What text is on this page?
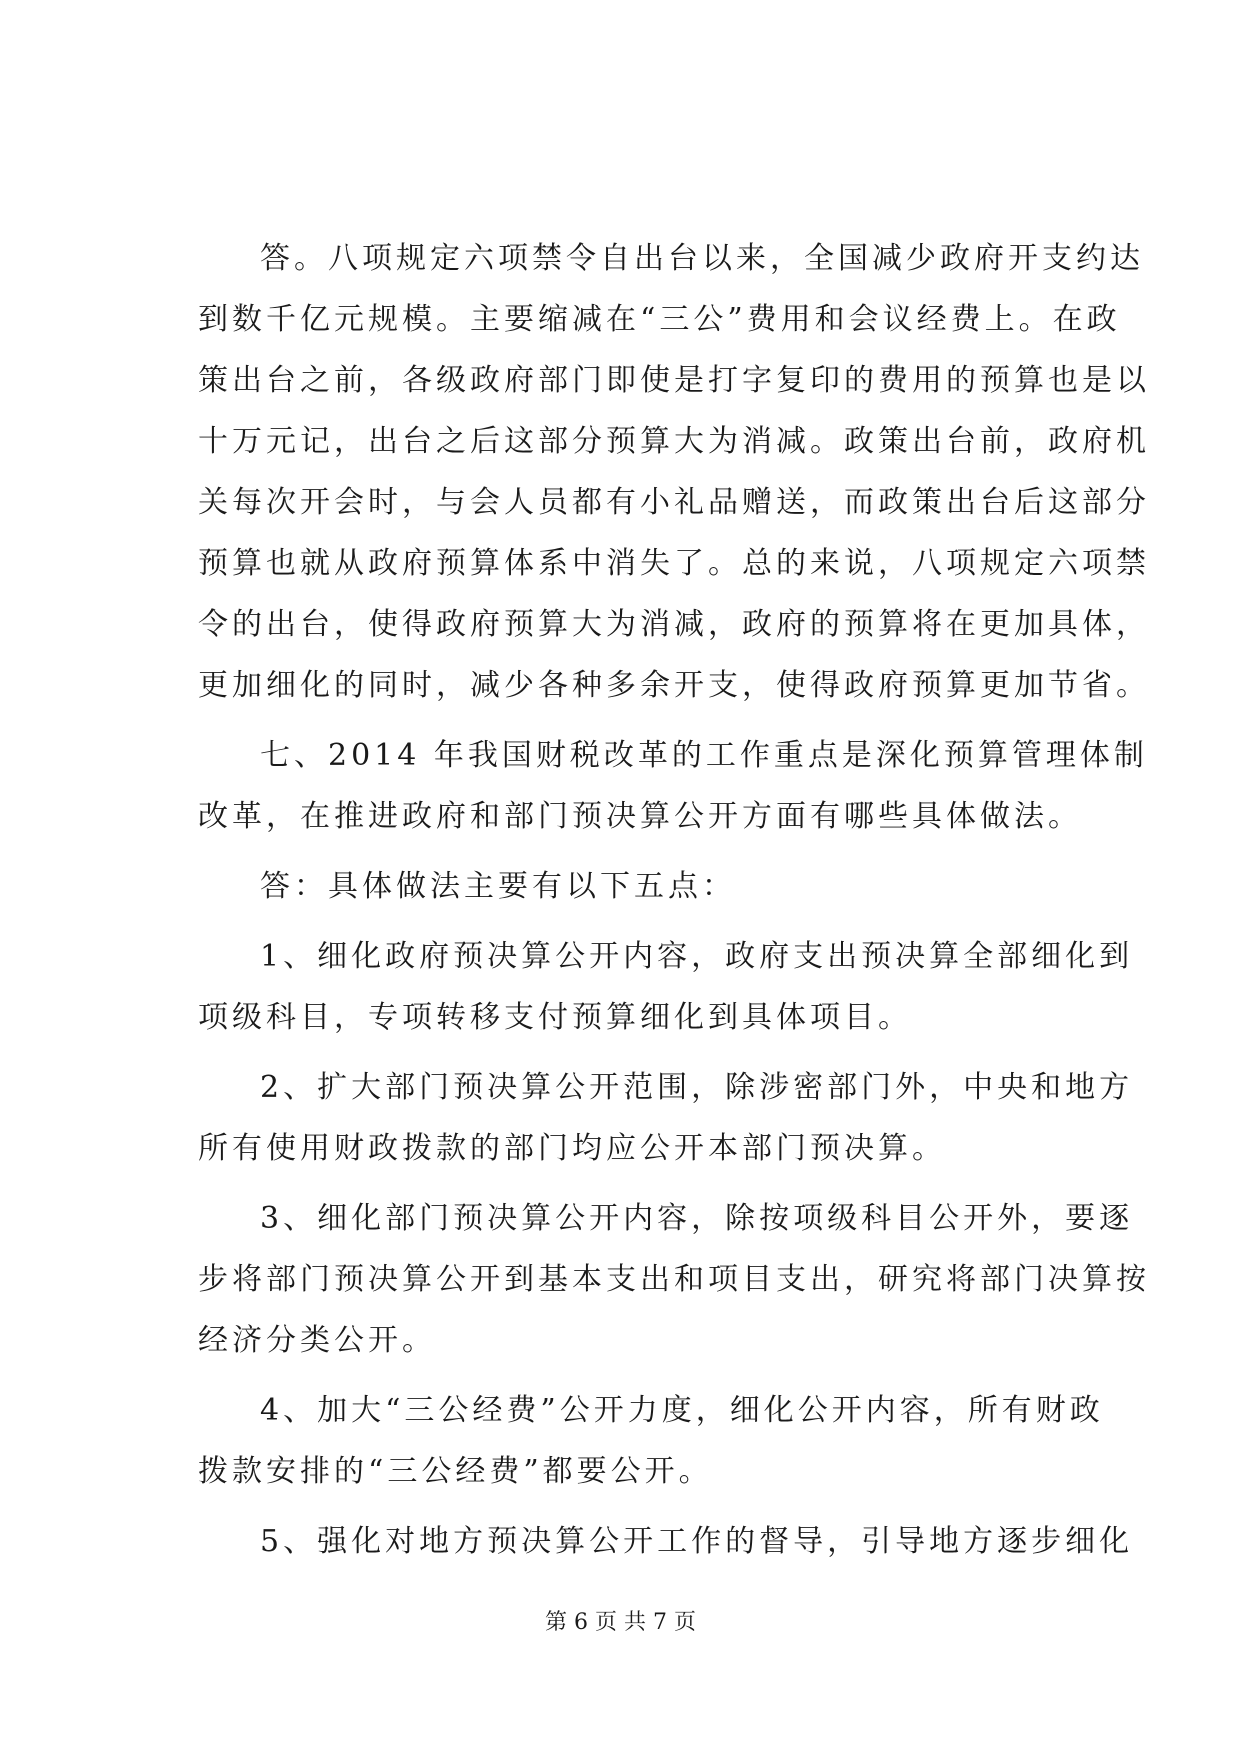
答。八项规定六项禁令自出台以来，全国减少政府开支约达
到数千亿元规模。主要缩减在“三公”费用和会议经费上。在政
策出台之前，各级政府部门即使是打字复印的费用的预算也是以
十万元记，出台之后这部分预算大为消减。政策出台前，政府机
关每次开会时，与会人员都有小礼品赠送，而政策出台后这部分
预算也就从政府预算体系中消失了。总的来说，八项规定六项禁
令的出台，使得政府预算大为消减，政府的预算将在更加具体，
更加细化的同时，减少各种多余开支，使得政府预算更加节省。
七、2014 年我国财税改革的工作重点是深化预算管理体制
改革，在推进政府和部门预决算公开方面有哪些具体做法。
答：具体做法主要有以下五点：
1、细化政府预决算公开内容，政府支出预决算全部细化到
项级科目，专项转移支付预算细化到具体项目。
2、扩大部门预决算公开范围，除涉密部门外，中央和地方
所有使用财政拨款的部门均应公开本部门预决算。
3、细化部门预决算公开内容，除按项级科目公开外，要逐
步将部门预决算公开到基本支出和项目支出，研究将部门决算按
经济分类公开。
4、加大“三公经费”公开力度，细化公开内容，所有财政
拨款安排的“三公经费”都要公开。
5、强化对地方预决算公开工作的督导，引导地方逐步细化
第 6 页 共 7 页
